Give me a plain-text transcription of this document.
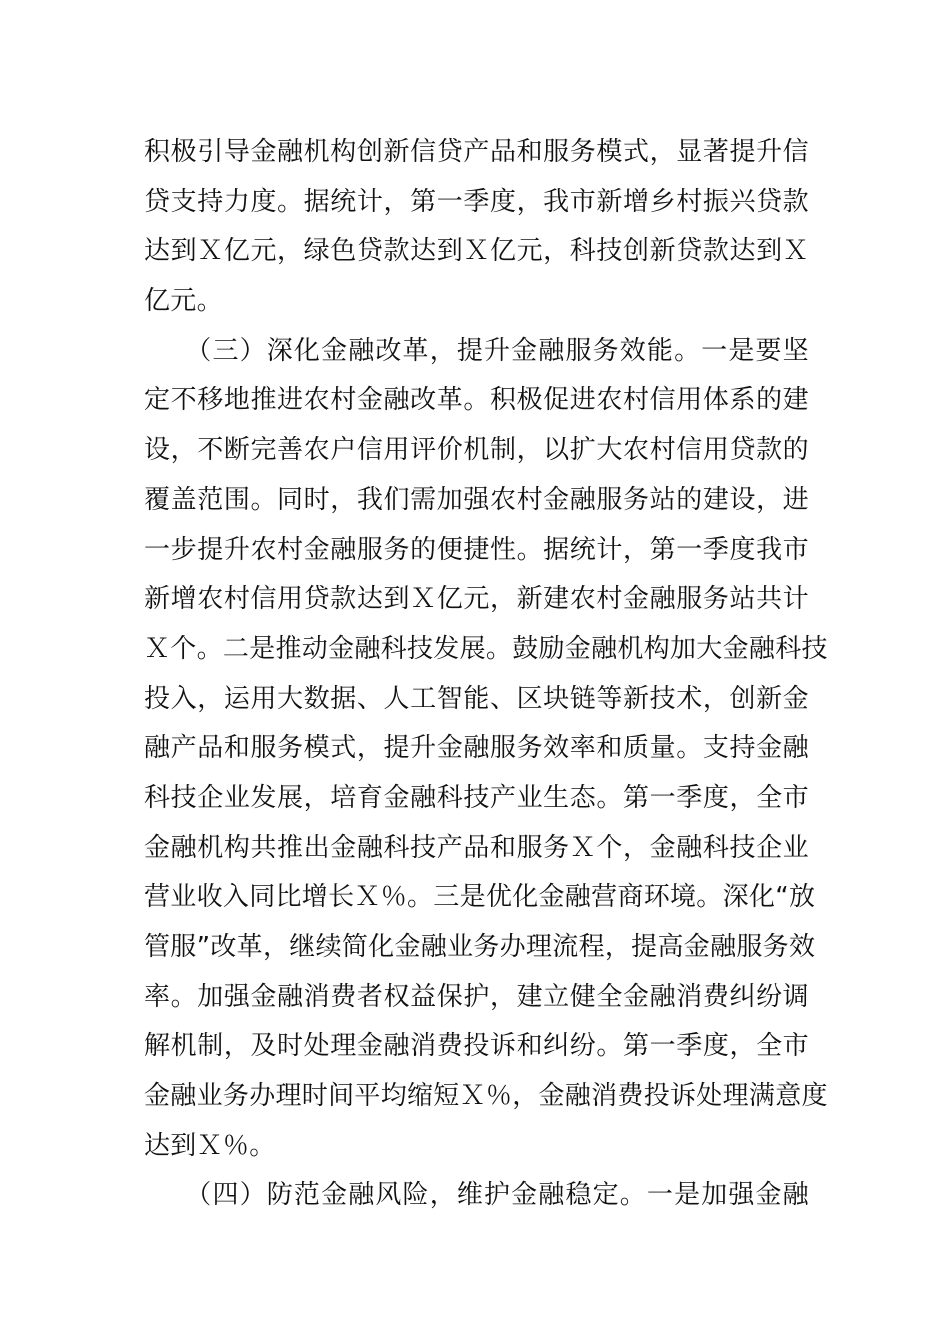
积极引导金融机构创新信贷产品和服务模式，显著提升信
贷支持力度。据统计，第一季度，我市新增乡村振兴贷款
达到Ｘ亿元，绿色贷款达到Ｘ亿元，科技创新贷款达到Ｘ
亿元。
　　（三）深化金融改革，提升金融服务效能。一是要坚
定不移地推进农村金融改革。积极促进农村信用体系的建
设，不断完善农户信用评价机制，以扩大农村信用贷款的
覆盖范围。同时，我们需加强农村金融服务站的建设，进
一步提升农村金融服务的便捷性。据统计，第一季度我市
新增农村信用贷款达到Ｘ亿元，新建农村金融服务站共计
Ｘ个。二是推动金融科技发展。鼓励金融机构加大金融科技
投入，运用大数据、人工智能、区块链等新技术，创新金
融产品和服务模式，提升金融服务效率和质量。支持金融
科技企业发展，培育金融科技产业生态。第一季度，全市
金融机构共推出金融科技产品和服务Ｘ个，金融科技企业
营业收入同比增长Ｘ％。三是优化金融营商环境。深化“放
管服”改革，继续简化金融业务办理流程，提高金融服务效
率。加强金融消费者权益保护，建立健全金融消费纠纷调
解机制，及时处理金融消费投诉和纠纷。第一季度，全市
金融业务办理时间平均缩短Ｘ％，金融消费投诉处理满意度
达到Ｘ％。
　　（四）防范金融风险，维护金融稳定。一是加强金融
